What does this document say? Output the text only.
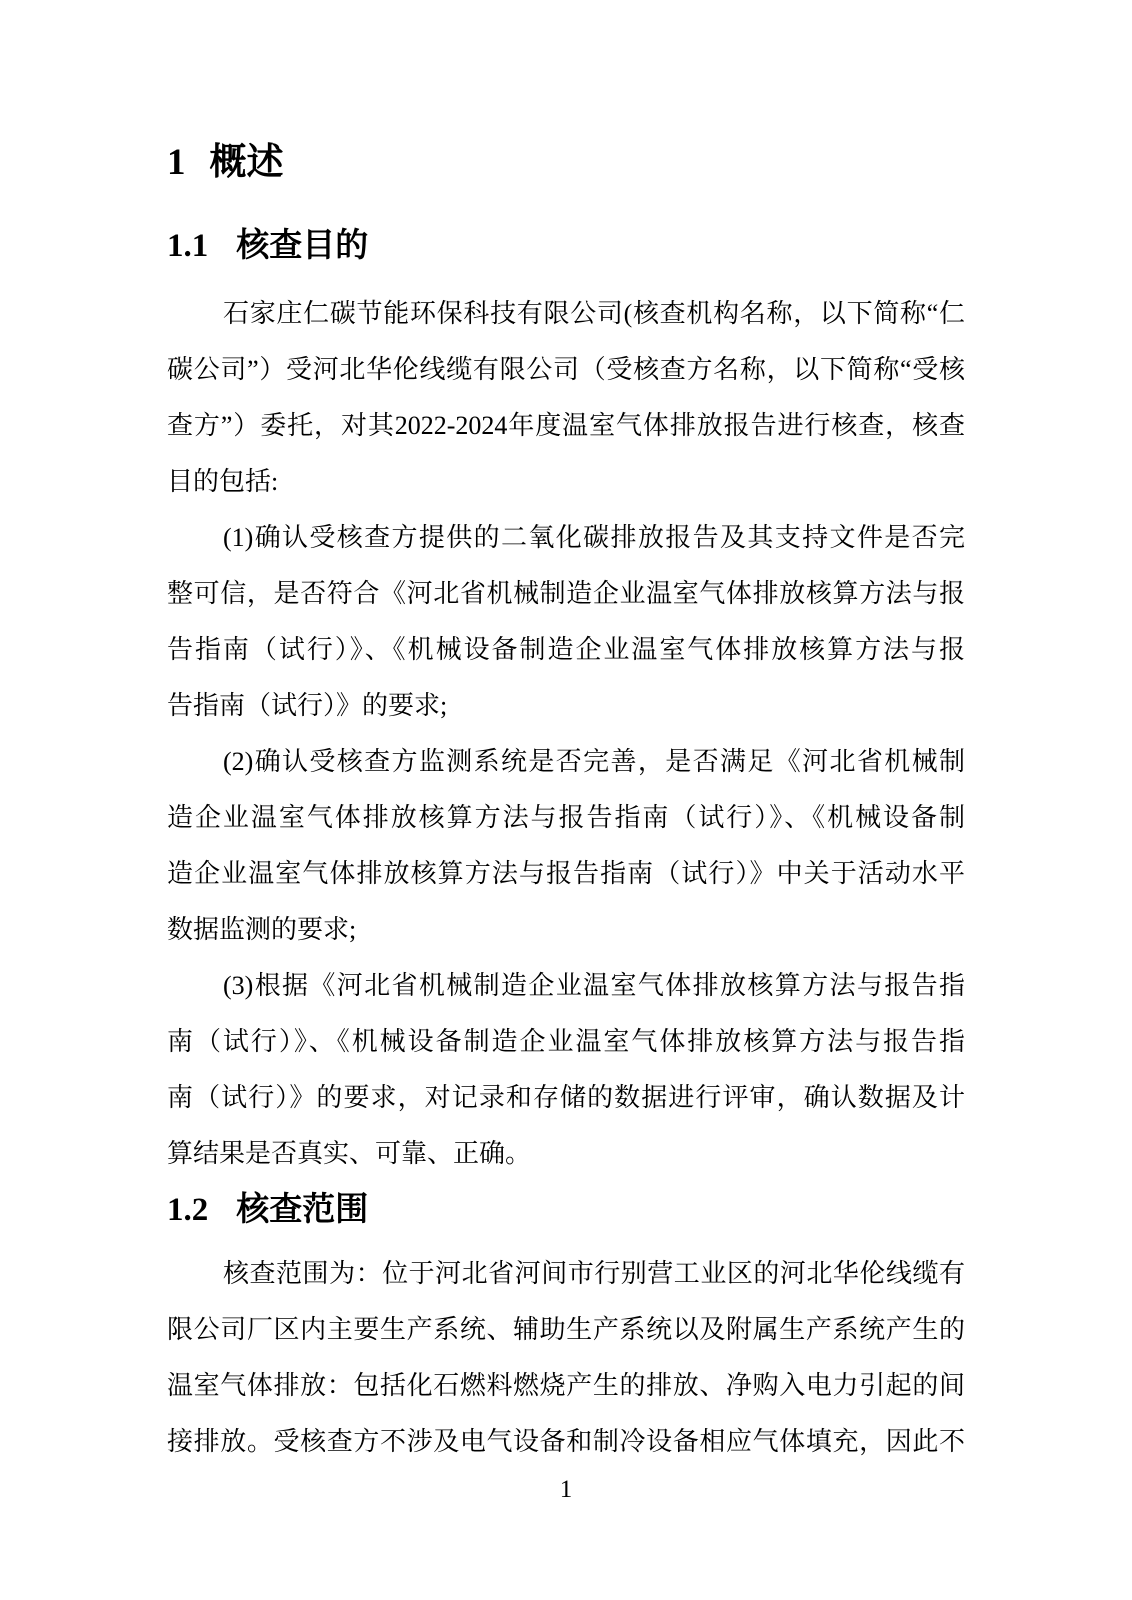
1 概述
1.1 核查目的

石家庄仁碳节能环保科技有限公司(核查机构名称，以下简称“仁
碳公司”）受河北华伦线缆有限公司（受核查方名称，以下简称“受核
查方”）委托，对其2022-2024年度温室气体排放报告进行核查，核查
目的包括:

(1)确认受核查方提供的二氧化碳排放报告及其支持文件是否完
整可信，是否符合《河北省机械制造企业温室气体排放核算方法与报
告指南（试行）》、《机械设备制造企业温室气体排放核算方法与报
告指南（试行）》的要求;

(2)确认受核查方监测系统是否完善，是否满足《河北省机械制
造企业温室气体排放核算方法与报告指南（试行）》、《机械设备制
造企业温室气体排放核算方法与报告指南（试行）》中关于活动水平
数据监测的要求;

(3)根据《河北省机械制造企业温室气体排放核算方法与报告指
南（试行）》、《机械设备制造企业温室气体排放核算方法与报告指
南（试行）》的要求，对记录和存储的数据进行评审，确认数据及计
算结果是否真实、可靠、正确。

1.2 核查范围

核查范围为：位于河北省河间市行别营工业区的河北华伦线缆有
限公司厂区内主要生产系统、辅助生产系统以及附属生产系统产生的
温室气体排放：包括化石燃料燃烧产生的排放、净购入电力引起的间
接排放。受核查方不涉及电气设备和制冷设备相应气体填充，因此不

1
